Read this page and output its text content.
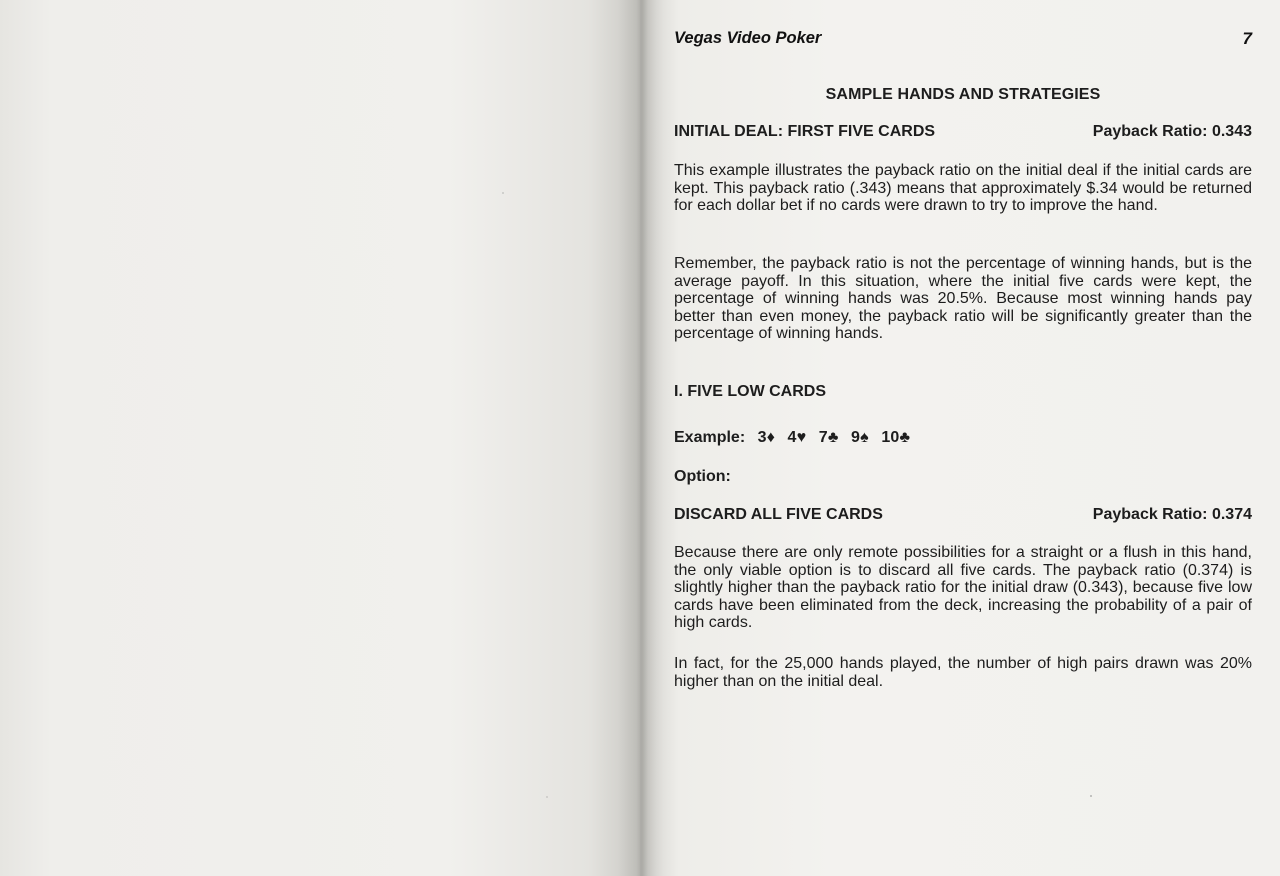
Vegas Video Poker	7
SAMPLE HANDS AND STRATEGIES
INITIAL DEAL: FIRST FIVE CARDS	Payback Ratio: 0.343

This example illustrates the payback ratio on the initial deal if the initial cards are kept. This payback ratio (.343) means that approximately $.34 would be returned for each dollar bet if no cards were drawn to try to improve the hand.

Remember, the payback ratio is not the percentage of winning hands, but is the average payoff. In this situation, where the initial five cards were kept, the percentage of winning hands was 20.5%. Because most winning hands pay better than even money, the payback ratio will be significantly greater than the percentage of winning hands.

I. FIVE LOW CARDS
Example: 3♦ 4♥ 7♣ 9♠ 10♣
Option:
DISCARD ALL FIVE CARDS	Payback Ratio: 0.374

Because there are only remote possibilities for a straight or a flush in this hand, the only viable option is to discard all five cards. The payback ratio (0.374) is slightly higher than the payback ratio for the initial draw (0.343), because five low cards have been eliminated from the deck, increasing the probability of a pair of high cards.

In fact, for the 25,000 hands played, the number of high pairs drawn was 20% higher than on the initial deal.
